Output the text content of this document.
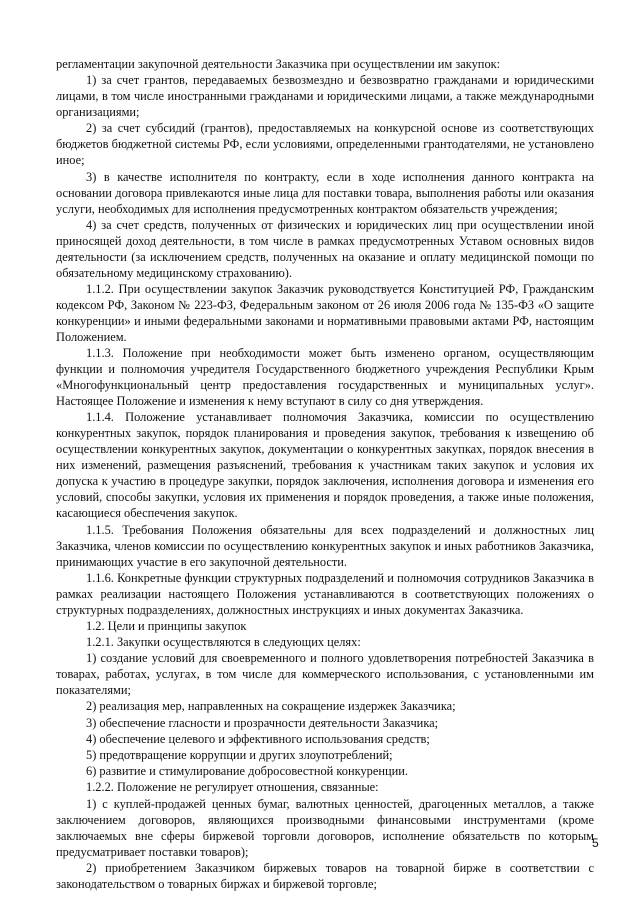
регламентации закупочной деятельности Заказчика при осуществлении им закупок:

1) за счет грантов, передаваемых безвозмездно и безвозвратно гражданами и юридическими лицами, в том числе иностранными гражданами и юридическими лицами, а также международными организациями;

2) за счет субсидий (грантов), предоставляемых на конкурсной основе из соответствующих бюджетов бюджетной системы РФ, если условиями, определенными грантодателями, не установлено иное;

3) в качестве исполнителя по контракту, если в ходе исполнения данного контракта на основании договора привлекаются иные лица для поставки товара, выполнения работы или оказания услуги, необходимых для исполнения предусмотренных контрактом обязательств учреждения;

4) за счет средств, полученных от физических и юридических лиц при осуществлении иной приносящей доход деятельности, в том числе в рамках предусмотренных Уставом основных видов деятельности (за исключением средств, полученных на оказание и оплату медицинской помощи по обязательному медицинскому страхованию).

1.1.2. При осуществлении закупок Заказчик руководствуется Конституцией РФ, Гражданским кодексом РФ, Законом № 223-ФЗ, Федеральным законом от 26 июля 2006 года № 135-ФЗ «О защите конкуренции» и иными федеральными законами и нормативными правовыми актами РФ, настоящим Положением.

1.1.3. Положение при необходимости может быть изменено органом, осуществляющим функции и полномочия учредителя Государственного бюджетного учреждения Республики Крым «Многофункциональный центр предоставления государственных и муниципальных услуг». Настоящее Положение и изменения к нему вступают в силу со дня утверждения.

1.1.4. Положение устанавливает полномочия Заказчика, комиссии по осуществлению конкурентных закупок, порядок планирования и проведения закупок, требования к извещению об осуществлении конкурентных закупок, документации о конкурентных закупках, порядок внесения в них изменений, размещения разъяснений, требования к участникам таких закупок и условия их допуска к участию в процедуре закупки, порядок заключения, исполнения договора и изменения его условий, способы закупки, условия их применения и порядок проведения, а также иные положения, касающиеся обеспечения закупок.

1.1.5. Требования Положения обязательны для всех подразделений и должностных лиц Заказчика, членов комиссии по осуществлению конкурентных закупок и иных работников Заказчика, принимающих участие в его закупочной деятельности.

1.1.6. Конкретные функции структурных подразделений и полномочия сотрудников Заказчика в рамках реализации настоящего Положения устанавливаются в соответствующих положениях о структурных подразделениях, должностных инструкциях и иных документах Заказчика.

1.2. Цели и принципы закупок

1.2.1. Закупки осуществляются в следующих целях:

1) создание условий для своевременного и полного удовлетворения потребностей Заказчика в товарах, работах, услугах, в том числе для коммерческого использования, с установленными им показателями;

2) реализация мер, направленных на сокращение издержек Заказчика;

3) обеспечение гласности и прозрачности деятельности Заказчика;

4) обеспечение целевого и эффективного использования средств;

5) предотвращение коррупции и других злоупотреблений;

6) развитие и стимулирование добросовестной конкуренции.

1.2.2. Положение не регулирует отношения, связанные:

1) с куплей-продажей ценных бумаг, валютных ценностей, драгоценных металлов, а также заключением договоров, являющихся производными финансовыми инструментами (кроме заключаемых вне сферы биржевой торговли договоров, исполнение обязательств по которым предусматривает поставки товаров);

2) приобретением Заказчиком биржевых товаров на товарной бирже в соответствии с законодательством о товарных биржах и биржевой торговле;

5
